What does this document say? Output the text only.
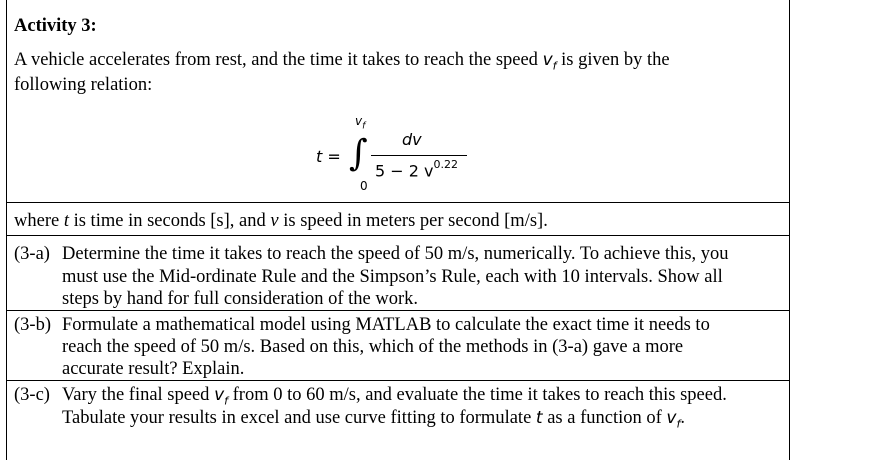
Activity 3:
A vehicle accelerates from rest, and the time it takes to reach the speed $v_f$ is given by the
following relation:
t = ∫
$v_f$
0
dv
5 − 2 $v^{0.22}$
where t is time in seconds [s], and v is speed in meters per second [m/s].
(3-a) Determine the time it takes to reach the speed of 50 m/s, numerically. To achieve this, you
must use the Mid-ordinate Rule and the Simpson’s Rule, each with 10 intervals. Show all
steps by hand for full consideration of the work.
(3-b) Formulate a mathematical model using MATLAB to calculate the exact time it needs to
reach the speed of 50 m/s. Based on this, which of the methods in (3-a) gave a more
accurate result? Explain.
(3-c) Vary the final speed $v_f$ from 0 to 60 m/s, and evaluate the time it takes to reach this speed.
Tabulate your results in excel and use curve fitting to formulate t as a function of $v_f$.
